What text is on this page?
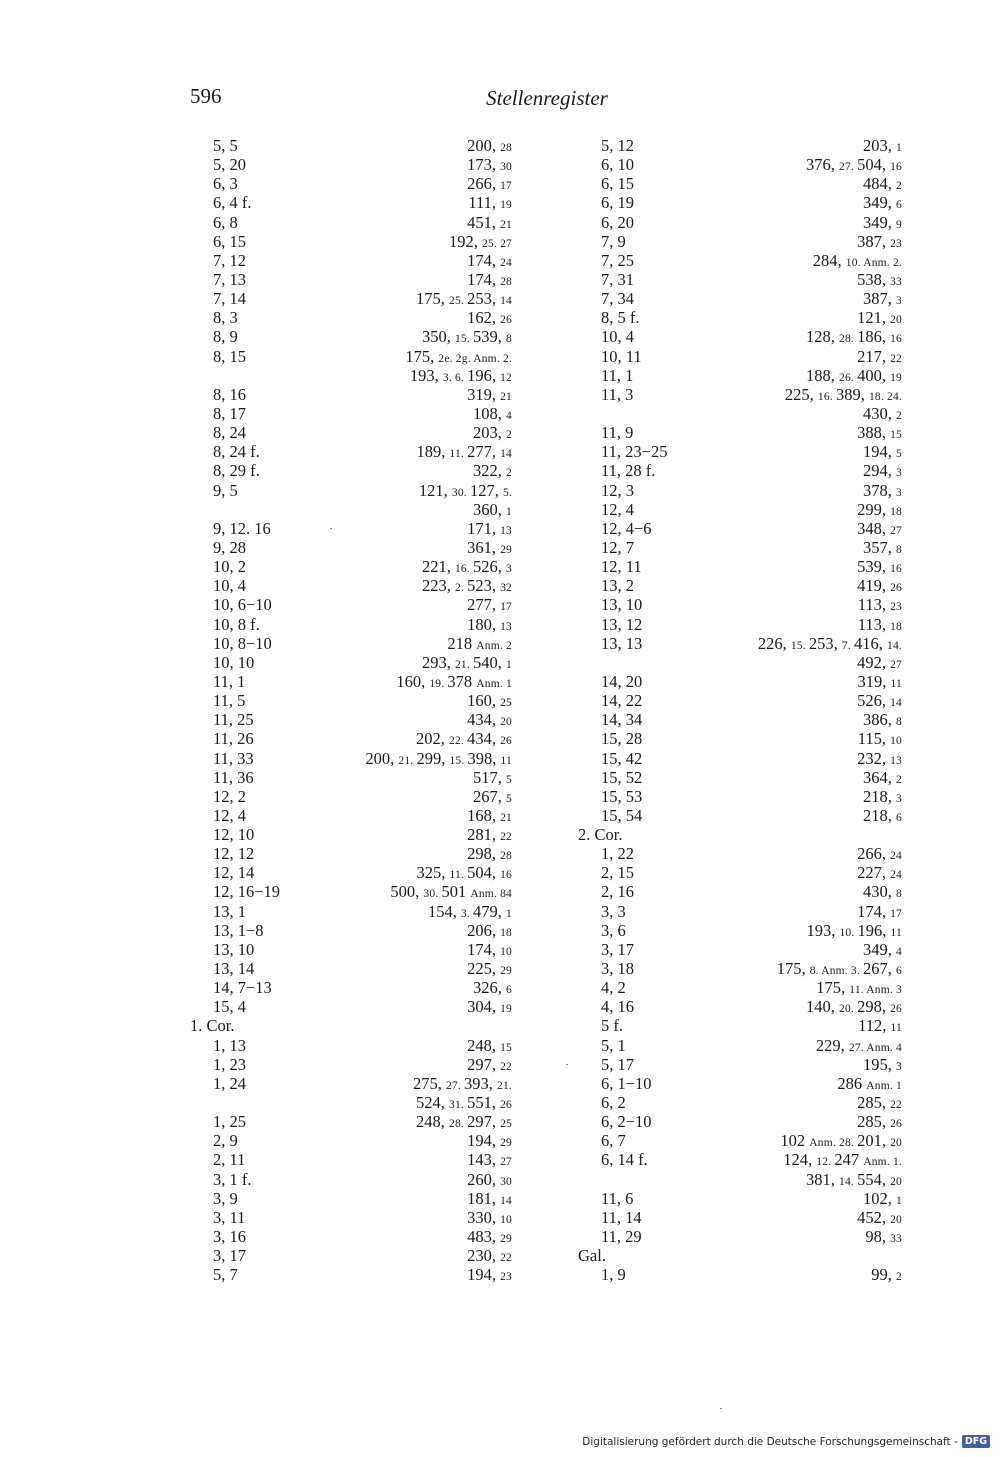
596	Stellenregister
5, 5	200, 28
5, 20	173, 30
6, 3	266, 17
6, 4 f.	111, 19
6, 8	451, 21
6, 15	192, 25. 27
7, 12	174, 24
7, 13	174, 28
7, 14	175, 25. 253, 14
8, 3	162, 26
8, 9	350, 15. 539, 8
8, 15	175, 2e. 2g. Anm. 2.
193, 3. 6. 196, 12
8, 16	319, 21
8, 17	108, 4
8, 24	203, 2
8, 24 f.	189, 11. 277, 14
8, 29 f.	322, 2
9, 5	121, 30. 127, 5.
360, 1
9, 12. 16	171, 13
9, 28	361, 29
10, 2	221, 16. 526, 3
10, 4	223, 2. 523, 32
10, 6−10	277, 17
10, 8 f.	180, 13
10, 8−10	218 Anm. 2
10, 10	293, 21. 540, 1
11, 1	160, 19. 378 Anm. 1
11, 5	160, 25
11, 25	434, 20
11, 26	202, 22. 434, 26
11, 33	200, 21. 299, 15. 398, 11
11, 36	517, 5
12, 2	267, 5
12, 4	168, 21
12, 10	281, 22
12, 12	298, 28
12, 14	325, 11. 504, 16
12, 16−19	500, 30. 501 Anm. 84
13, 1	154, 3. 479, 1
13, 1−8	206, 18
13, 10	174, 10
13, 14	225, 29
14, 7−13	326, 6
15, 4	304, 19
1. Cor.
1, 13	248, 15
1, 23	297, 22
1, 24	275, 27. 393, 21.
524, 31. 551, 26
1, 25	248, 28. 297, 25
2, 9	194, 29
2, 11	143, 27
3, 1 f.	260, 30
3, 9	181, 14
3, 11	330, 10
3, 16	483, 29
3, 17	230, 22
5, 7	194, 23
5, 12	203, 1
6, 10	376, 27. 504, 16
6, 15	484, 2
6, 19	349, 6
6, 20	349, 9
7, 9	387, 23
7, 25	284, 10. Anm. 2.
7, 31	538, 33
7, 34	387, 3
8, 5 f.	121, 20
10, 4	128, 28. 186, 16
10, 11	217, 22
11, 1	188, 26. 400, 19
11, 3	225, 16. 389, 18. 24.
430, 2
11, 9	388, 15
11, 23−25	194, 5
11, 28 f.	294, 3
12, 3	378, 3
12, 4	299, 18
12, 4−6	348, 27
12, 7	357, 8
12, 11	539, 16
13, 2	419, 26
13, 10	113, 23
13, 12	113, 18
13, 13	226, 15. 253, 7. 416, 14.
492, 27
14, 20	319, 11
14, 22	526, 14
14, 34	386, 8
15, 28	115, 10
15, 42	232, 13
15, 52	364, 2
15, 53	218, 3
15, 54	218, 6
2. Cor.
1, 22	266, 24
2, 15	227, 24
2, 16	430, 8
3, 3	174, 17
3, 6	193, 10. 196, 11
3, 17	349, 4
3, 18	175, 8. Anm. 3. 267, 6
4, 2	175, 11. Anm. 3
4, 16	140, 20. 298, 26
5 f.	112, 11
5, 1	229, 27. Anm. 4
5, 17	195, 3
6, 1−10	286 Anm. 1
6, 2	285, 22
6, 2−10	285, 26
6, 7	102 Anm. 28. 201, 20
6, 14 f.	124, 12. 247 Anm. 1.
381, 14. 554, 20
11, 6	102, 1
11, 14	452, 20
11, 29	98, 33
Gal.
1, 9	99, 2
Digitalisierung gefördert durch die Deutsche Forschungsgemeinschaft - DFG
